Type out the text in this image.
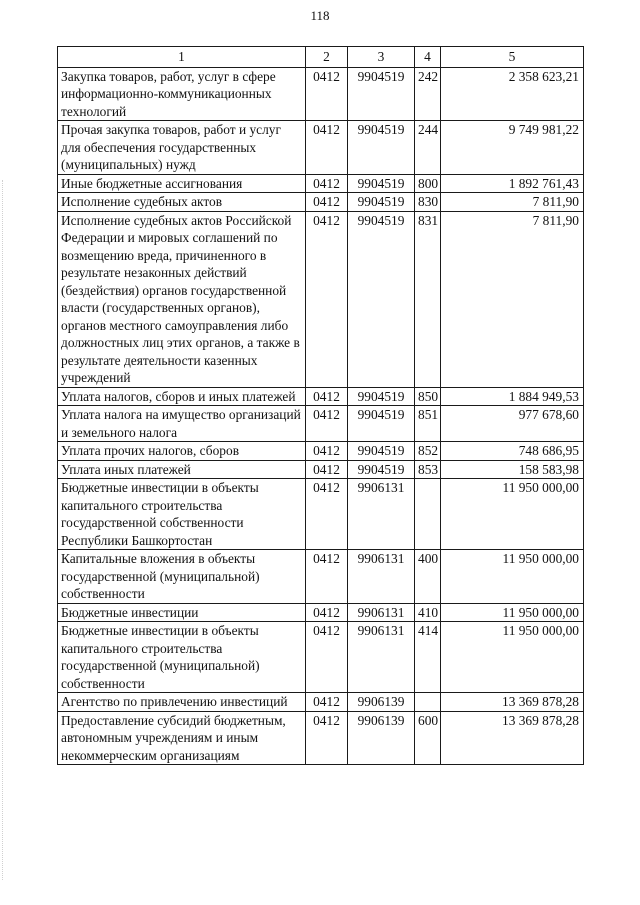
118
1	2	3	4	5
Закупка товаров, работ, услуг в сфере информационно-коммуникационных технологий	0412	9904519	242	2 358 623,21
Прочая закупка товаров, работ и услуг для обеспечения государственных (муниципальных) нужд	0412	9904519	244	9 749 981,22
Иные бюджетные ассигнования	0412	9904519	800	1 892 761,43
Исполнение судебных актов	0412	9904519	830	7 811,90
Исполнение судебных актов Российской Федерации и мировых соглашений по возмещению вреда, причиненного в результате незаконных действий (бездействия) органов государственной власти (государственных органов), органов местного самоуправления либо должностных лиц этих органов, а также в результате деятельности казенных учреждений	0412	9904519	831	7 811,90
Уплата налогов, сборов и иных платежей	0412	9904519	850	1 884 949,53
Уплата налога на имущество организаций и земельного налога	0412	9904519	851	977 678,60
Уплата прочих налогов, сборов	0412	9904519	852	748 686,95
Уплата иных платежей	0412	9904519	853	158 583,98
Бюджетные инвестиции в объекты капитального строительства государственной собственности Республики Башкортостан	0412	9906131		11 950 000,00
Капитальные вложения в объекты государственной (муниципальной) собственности	0412	9906131	400	11 950 000,00
Бюджетные инвестиции	0412	9906131	410	11 950 000,00
Бюджетные инвестиции в объекты капитального строительства государственной (муниципальной) собственности	0412	9906131	414	11 950 000,00
Агентство по привлечению инвестиций	0412	9906139		13 369 878,28
Предоставление субсидий бюджетным, автономным учреждениям и иным некоммерческим организациям	0412	9906139	600	13 369 878,28
